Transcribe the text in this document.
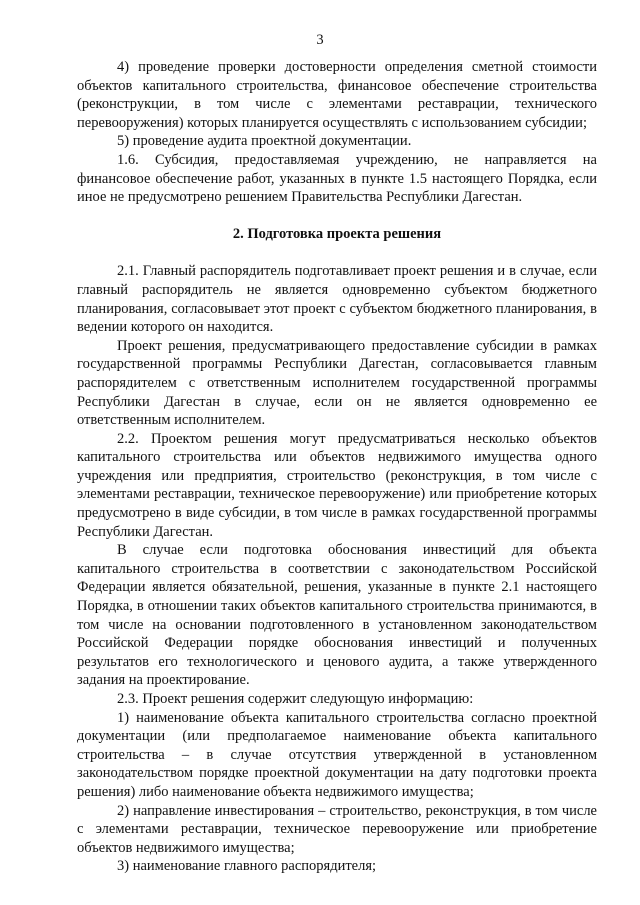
3

4) проведение проверки достоверности определения сметной стоимости объектов капитального строительства, финансовое обеспечение строительства (реконструкции, в том числе с элементами реставрации, технического перевооружения) которых планируется осуществлять с использованием субсидии;

5) проведение аудита проектной документации.

1.6. Субсидия, предоставляемая учреждению, не направляется на финансовое обеспечение работ, указанных в пункте 1.5 настоящего Порядка, если иное не предусмотрено решением Правительства Республики Дагестан.

2. Подготовка проекта решения

2.1. Главный распорядитель подготавливает проект решения и в случае, если главный распорядитель не является одновременно субъектом бюджетного планирования, согласовывает этот проект с субъектом бюджетного планирования, в ведении которого он находится.

Проект решения, предусматривающего предоставление субсидии в рамках государственной программы Республики Дагестан, согласовывается главным распорядителем с ответственным исполнителем государственной программы Республики Дагестан в случае, если он не является одновременно ее ответственным исполнителем.

2.2. Проектом решения могут предусматриваться несколько объектов капитального строительства или объектов недвижимого имущества одного учреждения или предприятия, строительство (реконструкция, в том числе с элементами реставрации, техническое перевооружение) или приобретение которых предусмотрено в виде субсидии, в том числе в рамках государственной программы Республики Дагестан.

В случае если подготовка обоснования инвестиций для объекта капитального строительства в соответствии с законодательством Российской Федерации является обязательной, решения, указанные в пункте 2.1 настоящего Порядка, в отношении таких объектов капитального строительства принимаются, в том числе на основании подготовленного в установленном законодательством Российской Федерации порядке обоснования инвестиций и полученных результатов его технологического и ценового аудита, а также утвержденного задания на проектирование.

2.3. Проект решения содержит следующую информацию:

1) наименование объекта капитального строительства согласно проектной документации (или предполагаемое наименование объекта капитального строительства – в случае отсутствия утвержденной в установленном законодательством порядке проектной документации на дату подготовки проекта решения) либо наименование объекта недвижимого имущества;

2) направление инвестирования – строительство, реконструкция, в том числе с элементами реставрации, техническое перевооружение или приобретение объектов недвижимого имущества;

3) наименование главного распорядителя;
